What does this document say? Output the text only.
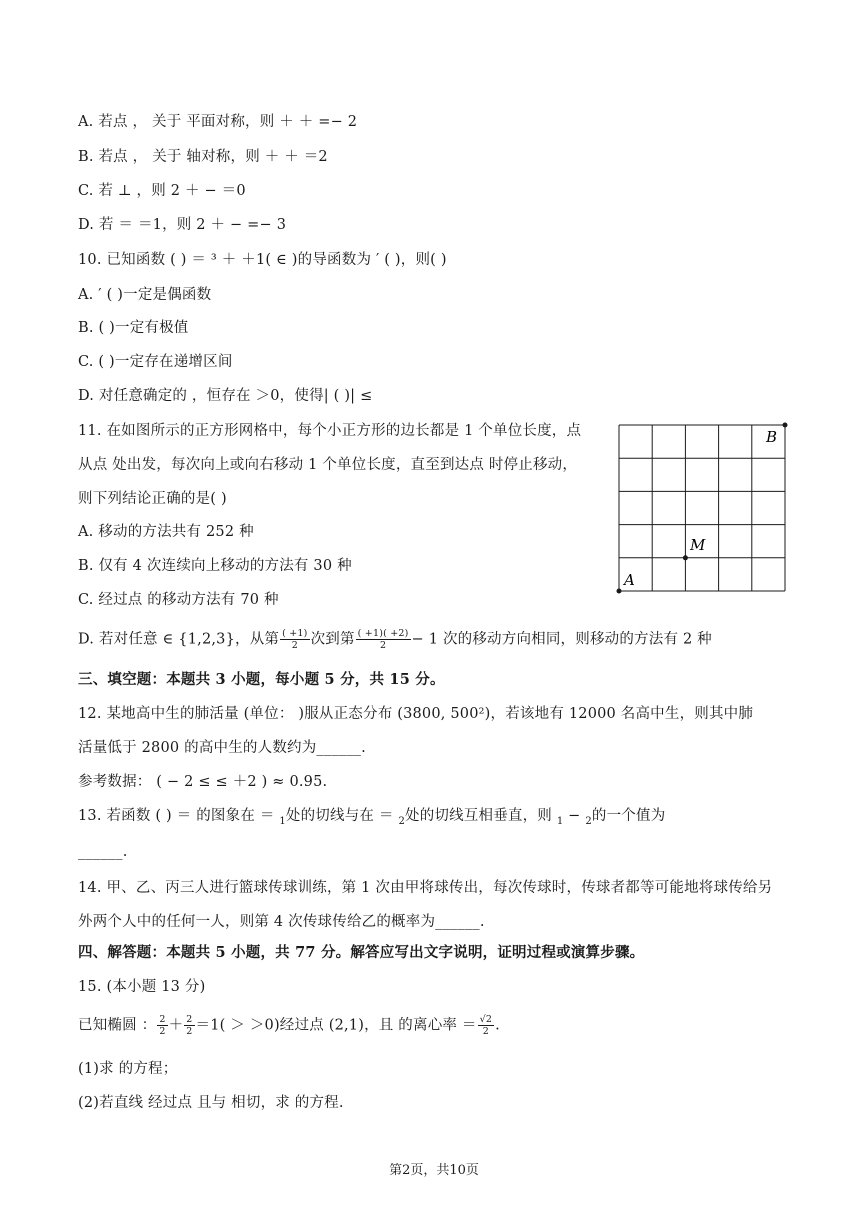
A. 若点 ， 关于 平面对称，则 ＋ ＋ =− 2
B. 若点 ， 关于 轴对称，则 ＋ ＋ ＝2
C. 若 ⊥ ，则 2 ＋ − ＝0
D. 若 ＝ ＝1，则 2 ＋ − =− 3
10. 已知函数 ( ) ＝ ³ ＋ ＋1( ∈ )的导函数为 ′ ( )，则( )
A. ′ ( )一定是偶函数
B. ( )一定有极值
C. ( )一定存在递增区间
D. 对任意确定的 ，恒存在 ＞0，使得| ( )| ≤
11. 在如图所示的正方形网格中，每个小正方形的边长都是 1 个单位长度，点
从点 处出发，每次向上或向右移动 1 个单位长度，直至到达点 时停止移动，
则下列结论正确的是( )
A. 移动的方法共有 252 种
B. 仅有 4 次连续向上移动的方法有 30 种
C. 经过点 的移动方法有 70 种
D. 若对任意 ∈ {1,2,3}，从第 $\frac{( +1)}{2}$ 次到第 $\frac{( +1)( +2)}{2} - 1$ 次的移动方向相同，则移动的方法有 2 种
三、填空题：本题共 3 小题，每小题 5 分，共 15 分。
12. 某地高中生的肺活量 (单位： )服从正态分布 (3800, 500²)，若该地有 12000 名高中生，则其中肺
活量低于 2800 的高中生的人数约为______.
参考数据： ( − 2 ≤ ≤ ＋2 ) ≈ 0.95.
13. 若函数 ( ) ＝ 的图象在 ＝ $_1$处的切线与在 ＝ $_2$处的切线互相垂直，则 $_1$ − $_2$的一个值为
______.
14. 甲、乙、丙三人进行篮球传球训练，第 1 次由甲将球传出，每次传球时，传球者都等可能地将球传给另
外两个人中的任何一人，则第 4 次传球传给乙的概率为______.
四、解答题：本题共 5 小题，共 77 分。解答应写出文字说明，证明过程或演算步骤。
15. (本小题 13 分)
已知椭圆 ： $\frac{2}{2} + \frac{2}{2} =1( > >0)$经过点 (2,1)，且 的离心率 ＝ $\frac{√2}{2}$ .
(1)求 的方程；
(2)若直线 经过点 且与 相切，求 的方程.
A
B
M
第2页，共10页
